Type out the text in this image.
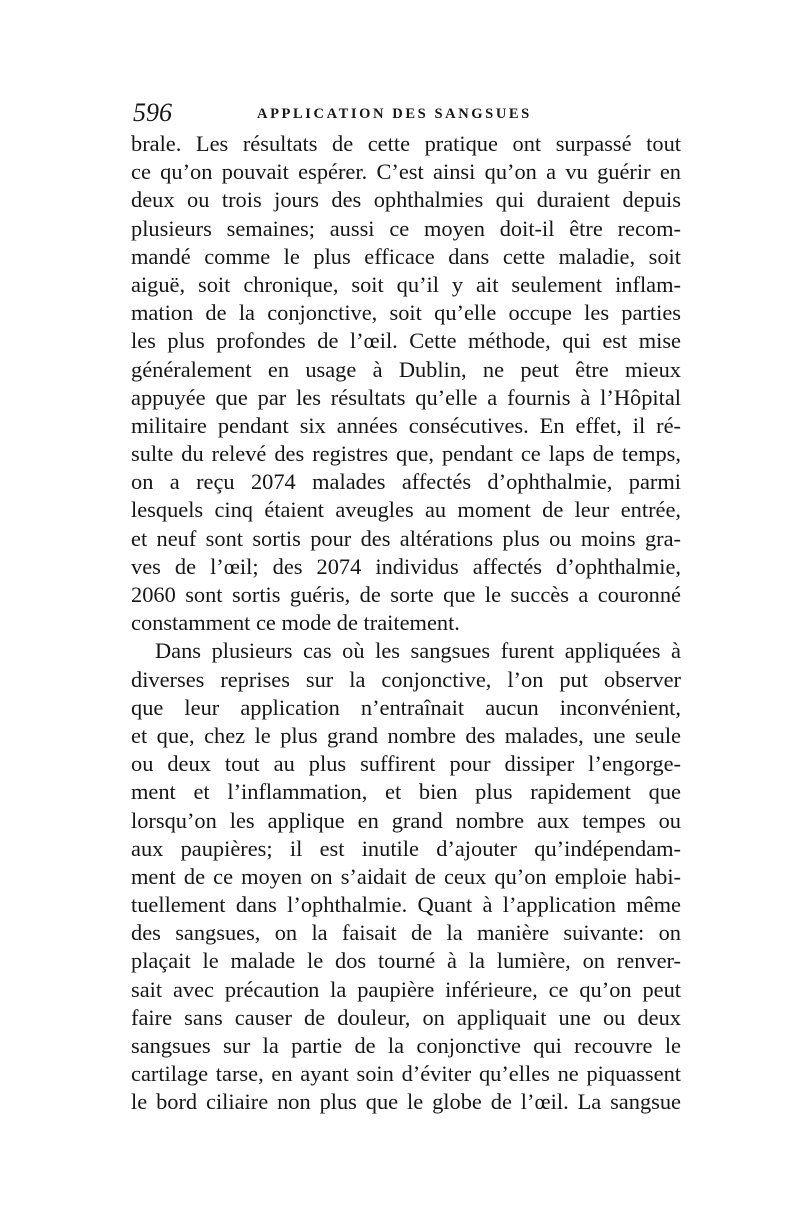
596	APPLICATION DES SANGSUES
brale. Les résultats de cette pratique ont surpassé tout
ce qu’on pouvait espérer. C’est ainsi qu’on a vu guérir en
deux ou trois jours des ophthalmies qui duraient depuis
plusieurs semaines; aussi ce moyen doit-il être recom-
mandé comme le plus efficace dans cette maladie, soit
aiguë, soit chronique, soit qu’il y ait seulement inflam-
mation de la conjonctive, soit qu’elle occupe les parties
les plus profondes de l’œil. Cette méthode, qui est mise
généralement en usage à Dublin, ne peut être mieux
appuyée que par les résultats qu’elle a fournis à l’Hôpital
militaire pendant six années consécutives. En effet, il ré-
sulte du relevé des registres que, pendant ce laps de temps,
on a reçu 2074 malades affectés d’ophthalmie, parmi
lesquels cinq étaient aveugles au moment de leur entrée,
et neuf sont sortis pour des altérations plus ou moins gra-
ves de l’œil; des 2074 individus affectés d’ophthalmie,
2060 sont sortis guéris, de sorte que le succès a couronné
constamment ce mode de traitement.
Dans plusieurs cas où les sangsues furent appliquées à
diverses reprises sur la conjonctive, l’on put observer
que leur application n’entraînait aucun inconvénient,
et que, chez le plus grand nombre des malades, une seule
ou deux tout au plus suffirent pour dissiper l’engorge-
ment et l’inflammation, et bien plus rapidement que
lorsqu’on les applique en grand nombre aux tempes ou
aux paupières; il est inutile d’ajouter qu’indépendam-
ment de ce moyen on s’aidait de ceux qu’on emploie habi-
tuellement dans l’ophthalmie. Quant à l’application même
des sangsues, on la faisait de la manière suivante: on
plaçait le malade le dos tourné à la lumière, on renver-
sait avec précaution la paupière inférieure, ce qu’on peut
faire sans causer de douleur, on appliquait une ou deux
sangsues sur la partie de la conjonctive qui recouvre le
cartilage tarse, en ayant soin d’éviter qu’elles ne piquassent
le bord ciliaire non plus que le globe de l’œil. La sangsue
